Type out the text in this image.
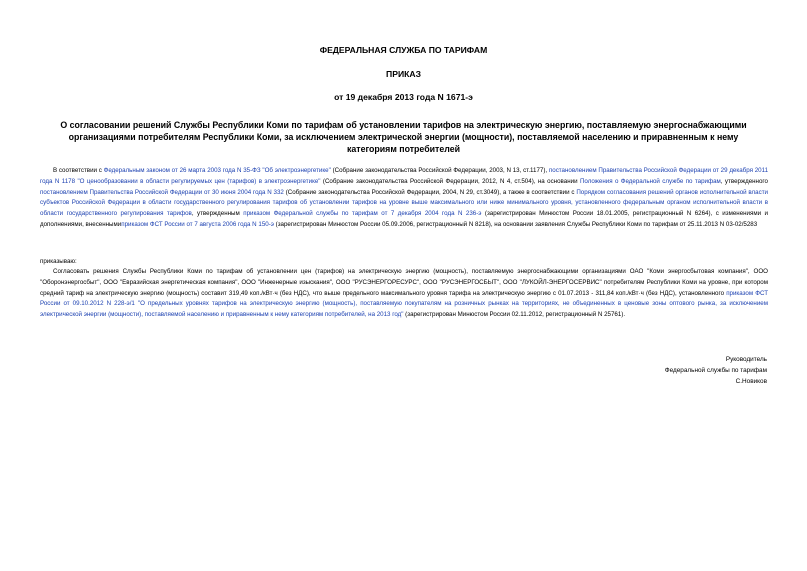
ФЕДЕРАЛЬНАЯ СЛУЖБА ПО ТАРИФАМ
ПРИКАЗ
от 19 декабря 2013 года N 1671-э
О согласовании решений Службы Республики Коми по тарифам об установлении тарифов на электрическую энергию, поставляемую энергоснабжающими организациями потребителям Республики Коми, за исключением электрической энергии (мощности), поставляемой населению и приравненным к нему категориям потребителей
В соответствии с Федеральным законом от 26 марта 2003 года N 35-ФЗ "Об электроэнергетике" (Собрание законодательства Российской Федерации, 2003, N 13, ст.1177), постановлением Правительства Российской Федерации от 29 декабря 2011 года N 1178 "О ценообразовании в области регулируемых цен (тарифов) в электроэнергетике" (Собрание законодательства Российской Федерации, 2012, N 4, ст.504), на основании Положения о Федеральной службе по тарифам, утвержденного постановлением Правительства Российской Федерации от 30 июня 2004 года N 332 (Собрание законодательства Российской Федерации, 2004, N 29, ст.3049), а также в соответствии с Порядком согласования решений органов исполнительной власти субъектов Российской Федерации в области государственного регулирования тарифов об установлении тарифов на уровне выше максимального или ниже минимального уровня, установленного федеральным органом исполнительной власти в области государственного регулирования тарифов, утвержденным приказом Федеральной службы по тарифам от 7 декабря 2004 года N 236-э (зарегистрирован Минюстом России 18.01.2005, регистрационный N 6264), с изменениями и дополнениями, внесеннымиприказом ФСТ России от 7 августа 2006 года N 150-э (зарегистрирован Минюстом России 05.09.2006, регистрационный N 8218), на основании заявления Службы Республики Коми по тарифам от 25.11.2013 N 03-02/5283
приказываю:
Согласовать решения Службы Республики Коми по тарифам об установлении цен (тарифов) на электрическую энергию (мощность), поставляемую энергоснабжающими организациями ОАО "Коми энергосбытовая компания", ООО "Оборонэнергосбыт", ООО "Евразийская энергетическая компания", ООО "Инженерные изыскания", ООО "РУСЭНЕРГОРЕСУРС", ООО "РУСЭНЕРГОСБЫТ", ООО "ЛУКОЙЛ-ЭНЕРГОСЕРВИС" потребителям Республики Коми на уровне, при котором средний тариф на электрическую энергию (мощность) составит 319,49 коп./кВт·ч (без НДС), что выше предельного максимального уровня тарифа на электрическую энергию с 01.07.2013 - 311,84 коп./кВт·ч (без НДС), установленного приказом ФСТ России от 09.10.2012 N 228-э/1 "О предельных уровнях тарифов на электрическую энергию (мощность), поставляемую покупателям на розничных рынках на территориях, не объединенных в ценовые зоны оптового рынка, за исключением электрической энергии (мощности), поставляемой населению и приравненным к нему категориям потребителей, на 2013 год" (зарегистрирован Минюстом России 02.11.2012, регистрационный N 25761).
Руководитель
Федеральной службы по тарифам
С.Новиков
